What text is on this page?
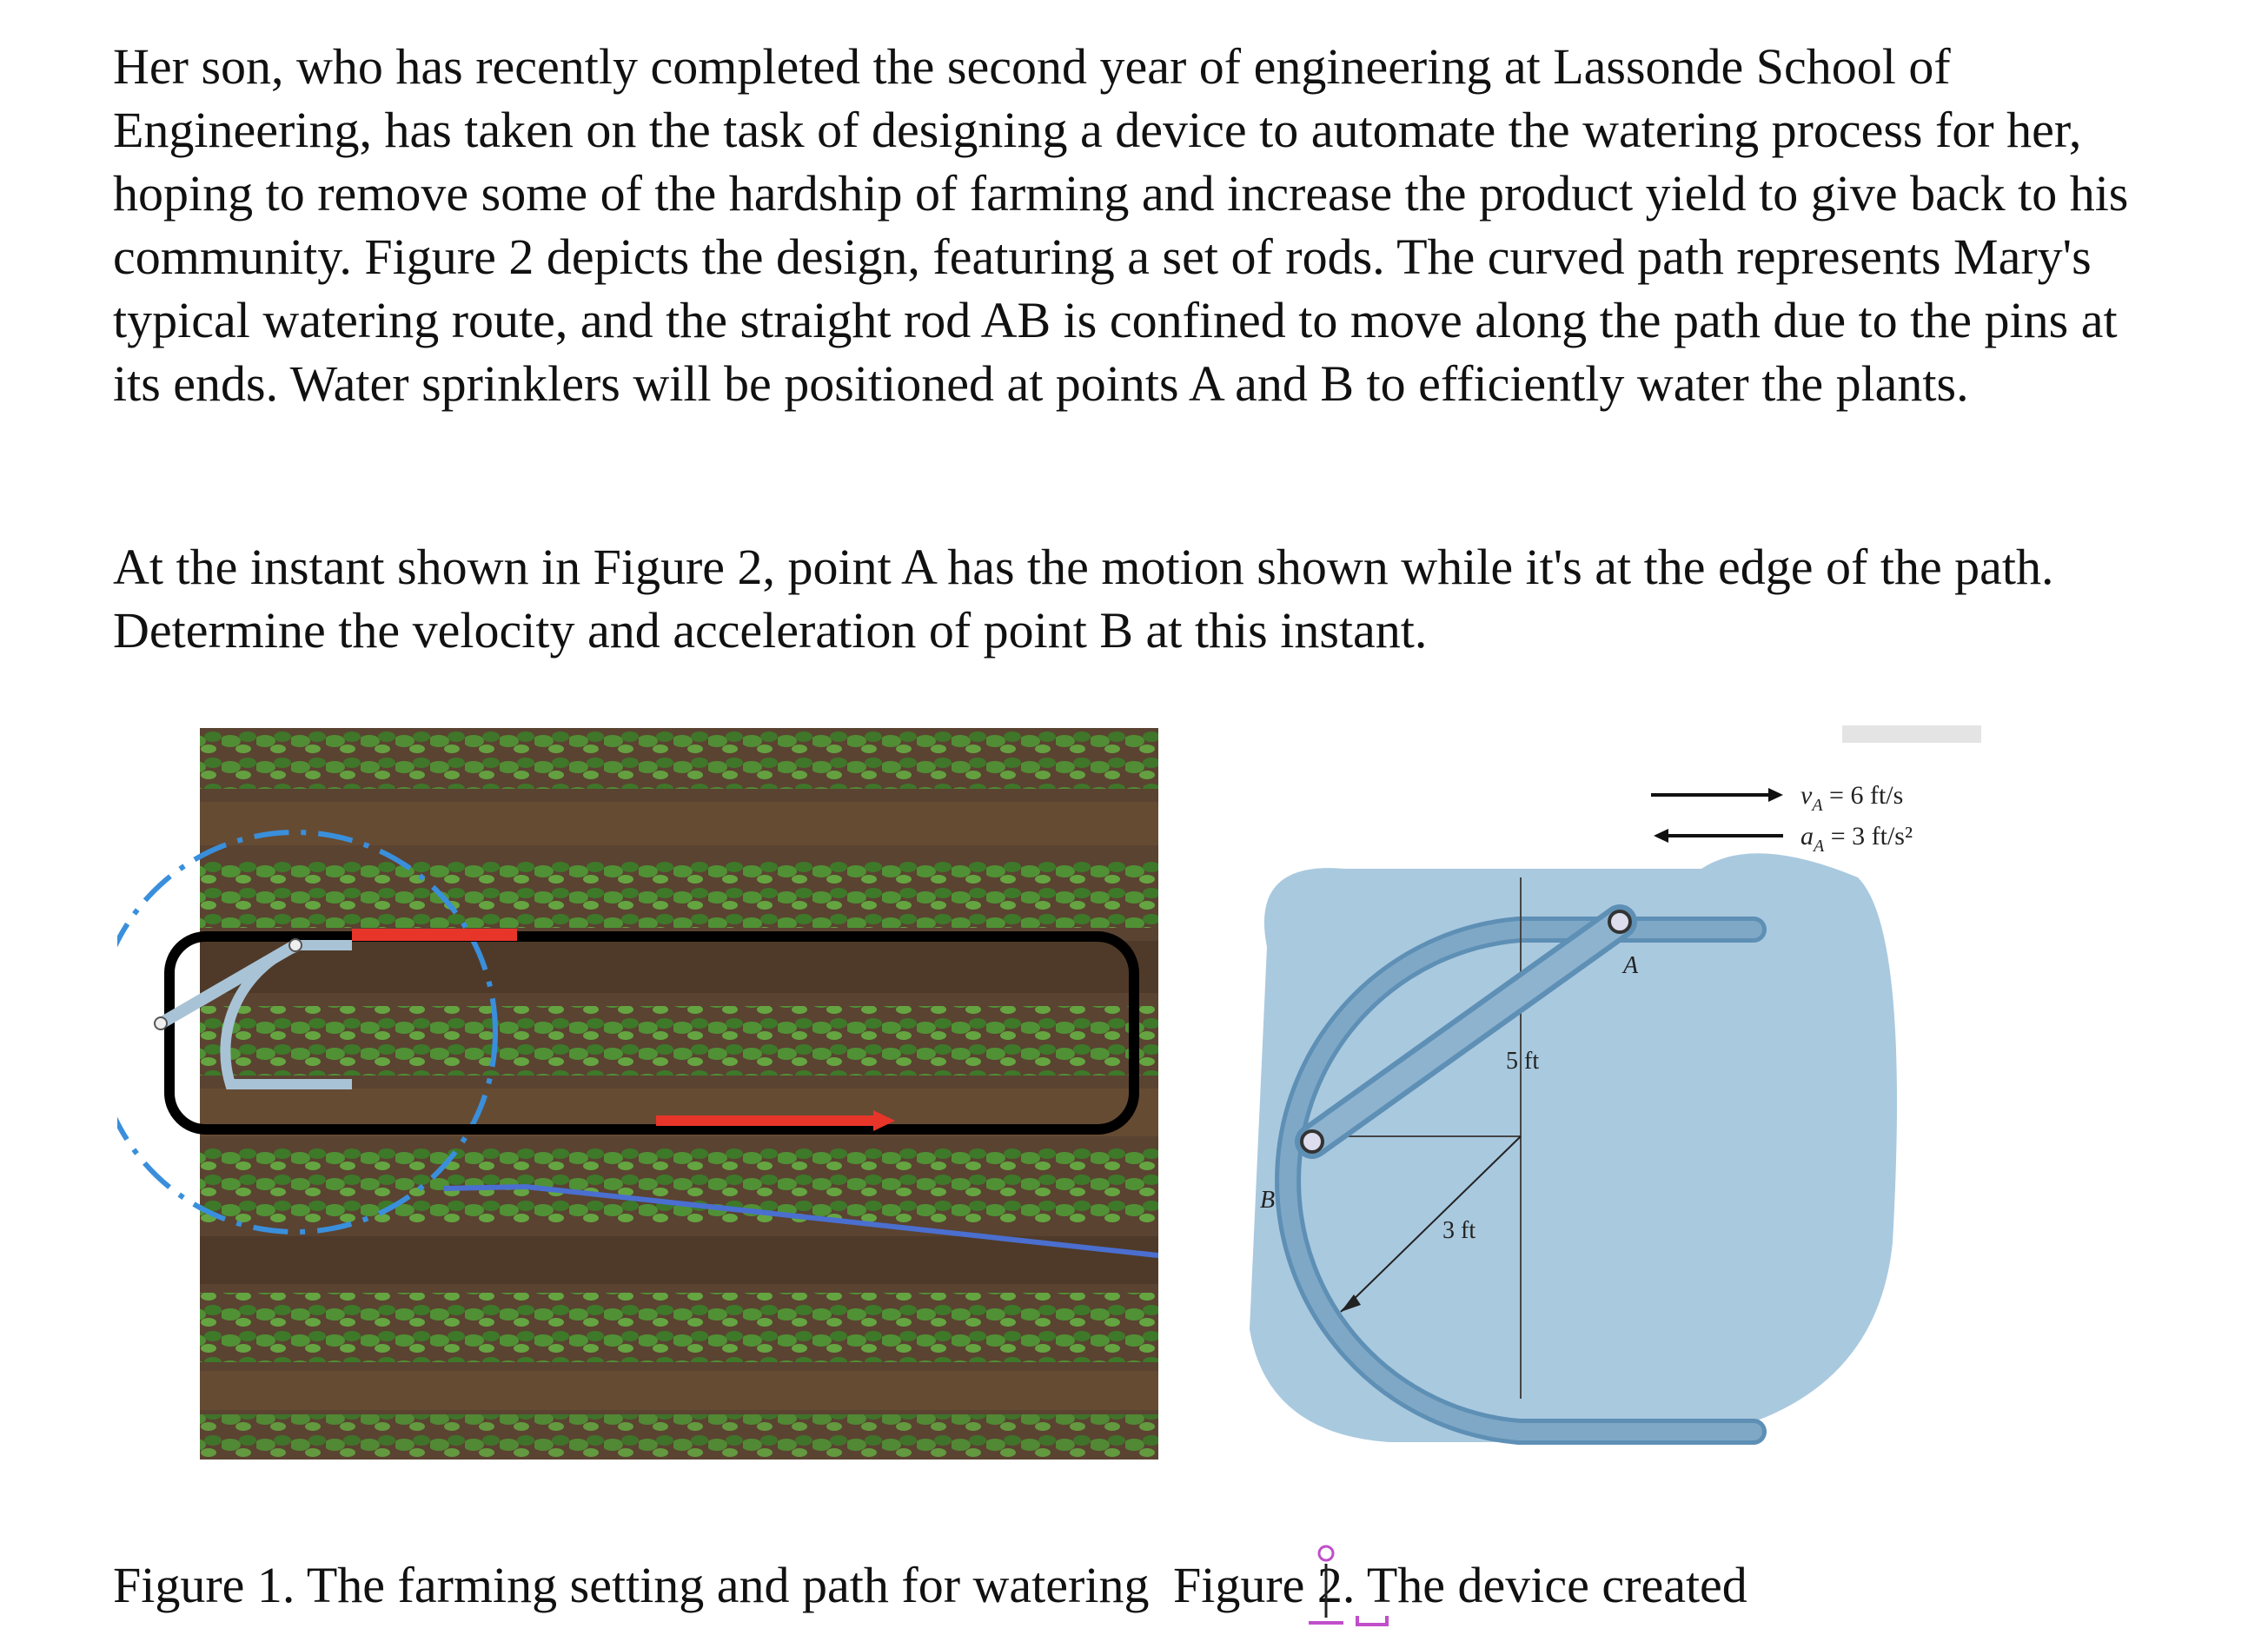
Her son, who has recently completed the second year of engineering at Lassonde School of Engineering, has taken on the task of designing a device to automate the watering process for her, hoping to remove some of the hardship of farming and increase the product yield to give back to his community. Figure 2 depicts the design, featuring a set of rods. The curved path represents Mary's typical watering route, and the straight rod AB is confined to move along the path due to the pins at its ends. Water sprinklers will be positioned at points A and B to efficiently water the plants.

At the instant shown in Figure 2, point A has the motion shown while it's at the edge of the path. Determine the velocity and acceleration of point B at this instant.

A
B
5 ft
3 ft
$v_A = 6$ ft/s
$a_A = 3$ ft/s²
Figure 1. The farming setting and path for watering Figure 2. The device created
